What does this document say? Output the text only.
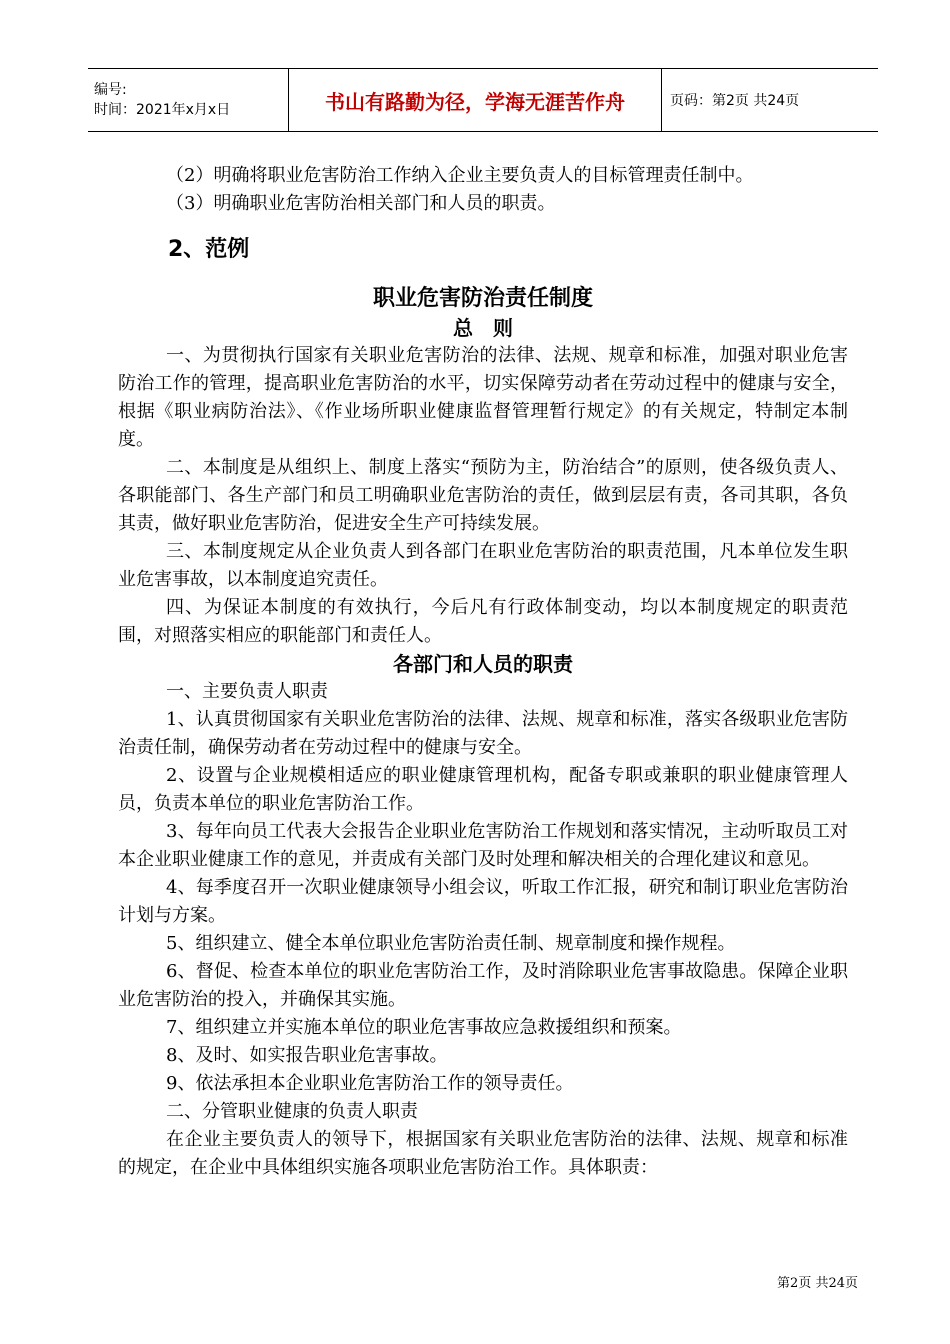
编号:
时间：2021年x月x日	书山有路勤为径，学海无涯苦作舟	页码：第2页 共24页

（2）明确将职业危害防治工作纳入企业主要负责人的目标管理责任制中。

（3）明确职业危害防治相关部门和人员的职责。

2、范例
职业危害防治责任制度
总　则

一、为贯彻执行国家有关职业危害防治的法律、法规、规章和标准，加强对职业危害防治工作的管理，提高职业危害防治的水平，切实保障劳动者在劳动过程中的健康与安全，根据《职业病防治法》、《作业场所职业健康监督管理暂行规定》的有关规定，特制定本制度。

二、本制度是从组织上、制度上落实“预防为主，防治结合”的原则，使各级负责人、各职能部门、各生产部门和员工明确职业危害防治的责任，做到层层有责，各司其职，各负其责，做好职业危害防治，促进安全生产可持续发展。

三、本制度规定从企业负责人到各部门在职业危害防治的职责范围，凡本单位发生职业危害事故，以本制度追究责任。

四、为保证本制度的有效执行，今后凡有行政体制变动，均以本制度规定的职责范围，对照落实相应的职能部门和责任人。

各部门和人员的职责

一、主要负责人职责

1、认真贯彻国家有关职业危害防治的法律、法规、规章和标准，落实各级职业危害防治责任制，确保劳动者在劳动过程中的健康与安全。

2、设置与企业规模相适应的职业健康管理机构，配备专职或兼职的职业健康管理人员，负责本单位的职业危害防治工作。

3、每年向员工代表大会报告企业职业危害防治工作规划和落实情况，主动听取员工对本企业职业健康工作的意见，并责成有关部门及时处理和解决相关的合理化建议和意见。

4、每季度召开一次职业健康领导小组会议，听取工作汇报，研究和制订职业危害防治计划与方案。

5、组织建立、健全本单位职业危害防治责任制、规章制度和操作规程。

6、督促、检查本单位的职业危害防治工作，及时消除职业危害事故隐患。保障企业职业危害防治的投入，并确保其实施。

7、组织建立并实施本单位的职业危害事故应急救援组织和预案。

8、及时、如实报告职业危害事故。

9、依法承担本企业职业危害防治工作的领导责任。

二、分管职业健康的负责人职责

在企业主要负责人的领导下，根据国家有关职业危害防治的法律、法规、规章和标准的规定，在企业中具体组织实施各项职业危害防治工作。具体职责：

第2页 共24页
